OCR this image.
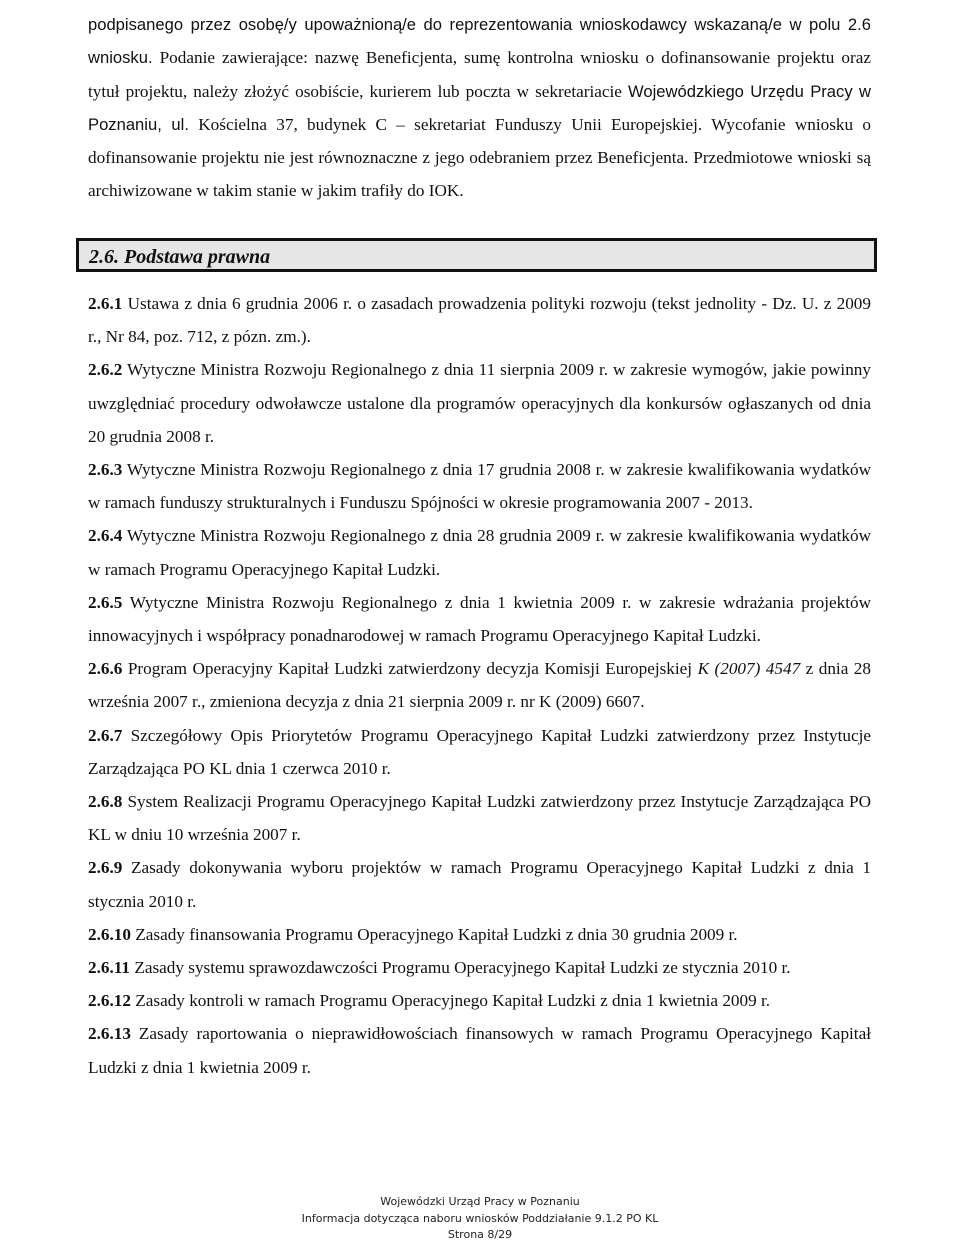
podpisanego przez osobę/y upoważnioną/e do reprezentowania wnioskodawcy wskazaną/e w polu 2.6 wniosku. Podanie zawierające: nazwę Beneficjenta, sumę kontrolna wniosku o dofinansowanie projektu oraz tytuł projektu, należy złożyć osobiście, kurierem lub poczta w sekretariacie Wojewódzkiego Urzędu Pracy w Poznaniu, ul. Kościelna 37, budynek C – sekretariat Funduszy Unii Europejskiej. Wycofanie wniosku o dofinansowanie projektu nie jest równoznaczne z jego odebraniem przez Beneficjenta. Przedmiotowe wnioski są archiwizowane w takim stanie w jakim trafiły do IOK.

2.6. Podstawa prawna

2.6.1 Ustawa z dnia 6 grudnia 2006 r. o zasadach prowadzenia polityki rozwoju (tekst jednolity - Dz. U. z 2009 r., Nr 84, poz. 712, z pózn. zm.).

2.6.2 Wytyczne Ministra Rozwoju Regionalnego z dnia 11 sierpnia 2009 r. w zakresie wymogów, jakie powinny uwzględniać procedury odwoławcze ustalone dla programów operacyjnych dla konkursów ogłaszanych od dnia 20 grudnia 2008 r.

2.6.3 Wytyczne Ministra Rozwoju Regionalnego z dnia 17 grudnia 2008 r. w zakresie kwalifikowania wydatków w ramach funduszy strukturalnych i Funduszu Spójności w okresie programowania 2007 - 2013.

2.6.4 Wytyczne Ministra Rozwoju Regionalnego z dnia 28 grudnia 2009 r. w zakresie kwalifikowania wydatków w ramach Programu Operacyjnego Kapitał Ludzki.

2.6.5 Wytyczne Ministra Rozwoju Regionalnego z dnia 1 kwietnia 2009 r. w zakresie wdrażania projektów innowacyjnych i współpracy ponadnarodowej w ramach Programu Operacyjnego Kapitał Ludzki.

2.6.6 Program Operacyjny Kapitał Ludzki zatwierdzony decyzja Komisji Europejskiej K (2007) 4547 z dnia 28 września 2007 r., zmieniona decyzja z dnia 21 sierpnia 2009 r. nr K (2009) 6607.

2.6.7 Szczegółowy Opis Priorytetów Programu Operacyjnego Kapitał Ludzki zatwierdzony przez Instytucje Zarządzająca PO KL dnia 1 czerwca 2010 r.

2.6.8 System Realizacji Programu Operacyjnego Kapitał Ludzki zatwierdzony przez Instytucje Zarządzająca PO KL w dniu 10 września 2007 r.

2.6.9 Zasady dokonywania wyboru projektów w ramach Programu Operacyjnego Kapitał Ludzki z dnia 1 stycznia 2010 r.

2.6.10 Zasady finansowania Programu Operacyjnego Kapitał Ludzki z dnia 30 grudnia 2009 r.

2.6.11 Zasady systemu sprawozdawczości Programu Operacyjnego Kapitał Ludzki ze stycznia 2010 r.

2.6.12 Zasady kontroli w ramach Programu Operacyjnego Kapitał Ludzki z dnia 1 kwietnia 2009 r.

2.6.13 Zasady raportowania o nieprawidłowościach finansowych w ramach Programu Operacyjnego Kapitał Ludzki z dnia 1 kwietnia 2009 r.

Wojewódzki Urząd Pracy w Poznaniu
Informacja dotycząca naboru wniosków Poddziałanie 9.1.2 PO KL
Strona 8/29
